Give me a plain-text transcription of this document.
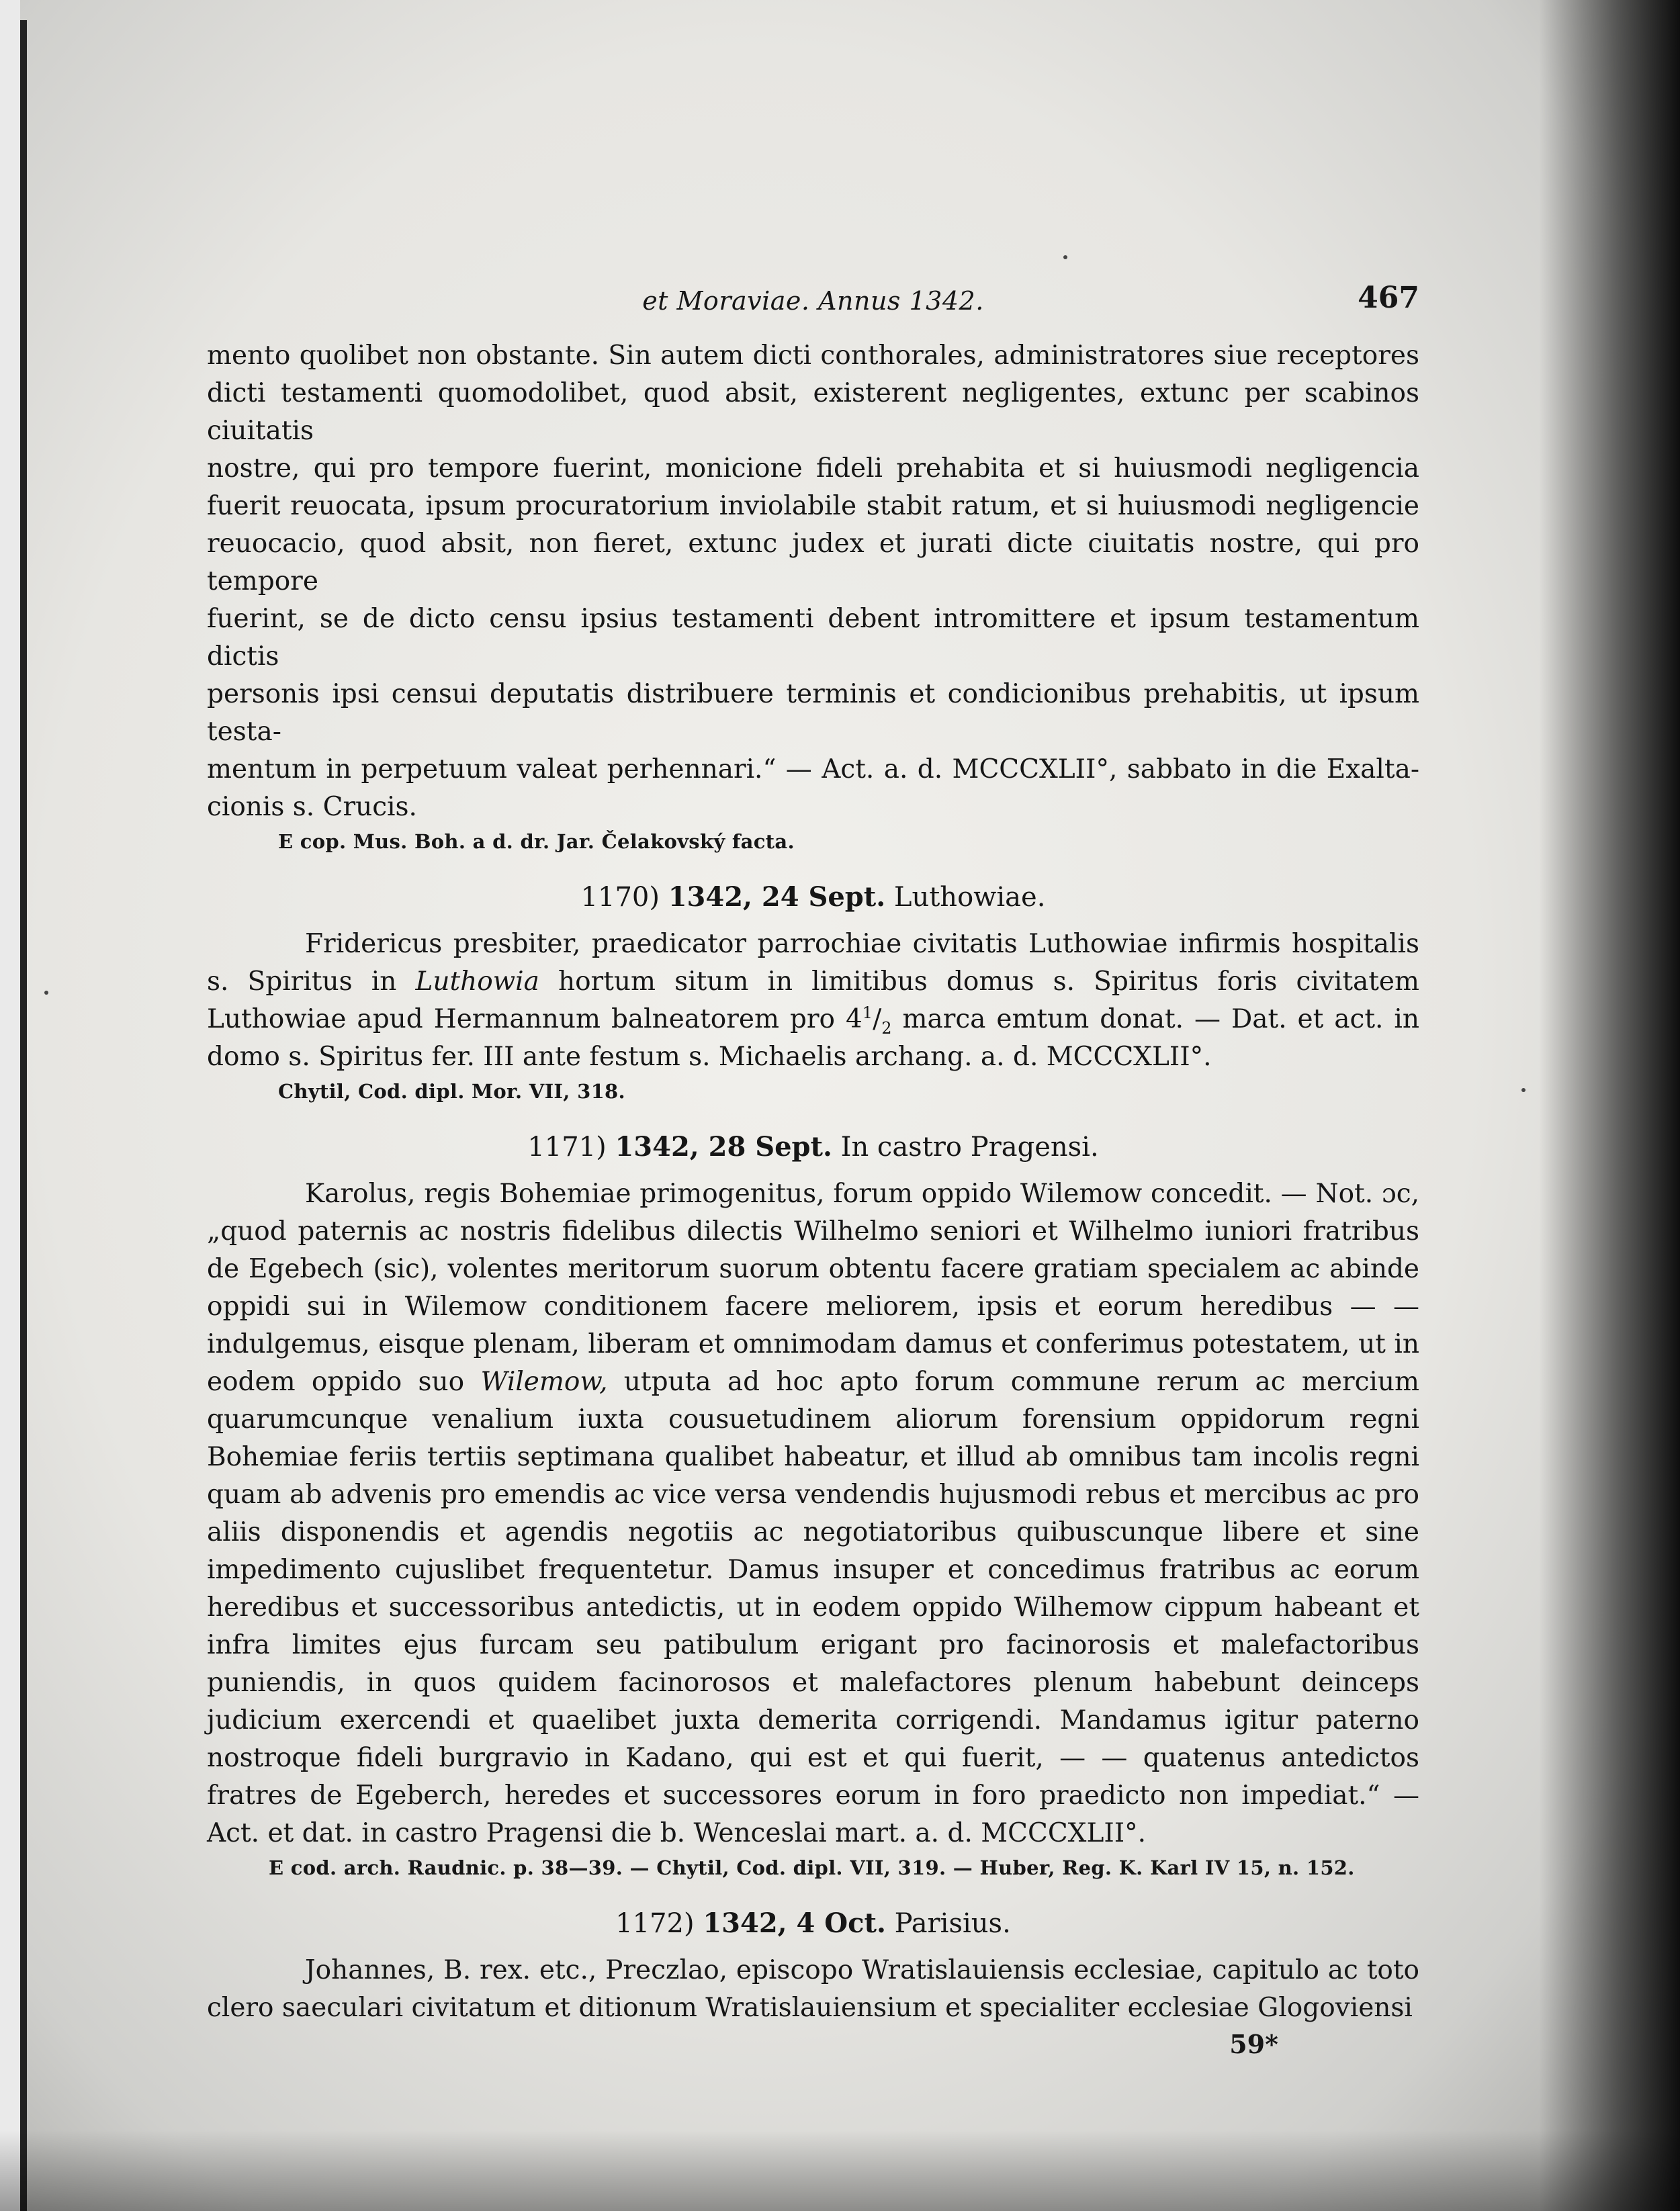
et Moraviae. Annus 1342.	467
mento quolibet non obstante. Sin autem dicti conthorales, administratores siue receptores
dicti testamenti quomodolibet, quod absit, existerent negligentes, extunc per scabinos ciuitatis
nostre, qui pro tempore fuerint, monicione fideli prehabita et si huiusmodi negligencia
fuerit reuocata, ipsum procuratorium inviolabile stabit ratum, et si huiusmodi negligencie
reuocacio, quod absit, non fieret, extunc judex et jurati dicte ciuitatis nostre, qui pro tempore
fuerint, se de dicto censu ipsius testamenti debent intromittere et ipsum testamentum dictis
personis ipsi censui deputatis distribuere terminis et condicionibus prehabitis, ut ipsum testa-
mentum in perpetuum valeat perhennari.“ — Act. a. d. MCCCXLII°, sabbato in die Exalta-
cionis s. Crucis.
E cop. Mus. Boh. a d. dr. Jar. Čelakovský facta.
1170) 1342, 24 Sept. Luthowiae.

Fridericus presbiter, praedicator parrochiae civitatis Luthowiae infirmis hospitalis s. Spiritus in Luthowia hortum situm in limitibus domus s. Spiritus foris civitatem Luthowiae apud Hermannum balneatorem pro $4^1/_2$ marca emtum donat. — Dat. et act. in domo s. Spiritus fer. III ante festum s. Michaelis archang. a. d. MCCCXLII°.

Chytil, Cod. dipl. Mor. VII, 318.
1171) 1342, 28 Sept. In castro Pragensi.

Karolus, regis Bohemiae primogenitus, forum oppido Wilemow concedit. — Not. ɔc, „quod paternis ac nostris fidelibus dilectis Wilhelmo seniori et Wilhelmo iuniori fratribus de Egebech (sic), volentes meritorum suorum obtentu facere gratiam specialem ac abinde oppidi sui in Wilemow conditionem facere meliorem, ipsis et eorum heredibus — — indulgemus, eisque plenam, liberam et omnimodam damus et conferimus potestatem, ut in eodem oppido suo Wilemow, utputa ad hoc apto forum commune rerum ac mercium quarumcunque venalium iuxta cousuetudinem aliorum forensium oppidorum regni Bohemiae feriis tertiis septimana qualibet habeatur, et illud ab omnibus tam incolis regni quam ab advenis pro emendis ac vice versa vendendis hujusmodi rebus et mercibus ac pro aliis disponendis et agendis negotiis ac negotiatoribus quibuscunque libere et sine impedimento cujuslibet frequentetur. Damus insuper et concedimus fratribus ac eorum heredibus et successoribus antedictis, ut in eodem oppido Wilhemow cippum habeant et infra limites ejus furcam seu patibulum erigant pro facinorosis et malefactoribus puniendis, in quos quidem facinorosos et malefactores plenum habebunt deinceps judicium exercendi et quaelibet juxta demerita corrigendi. Mandamus igitur paterno nostroque fideli burgravio in Kadano, qui est et qui fuerit, — — quatenus antedictos fratres de Egeberch, heredes et successores eorum in foro praedicto non impediat.“ — Act. et dat. in castro Pragensi die b. Wenceslai mart. a. d. MCCCXLII°.

E cod. arch. Raudnic. p. 38—39. — Chytil, Cod. dipl. VII, 319. — Huber, Reg. K. Karl IV 15, n. 152.
1172) 1342, 4 Oct. Parisius.

Johannes, B. rex. etc., Preczlao, episcopo Wratislauiensis ecclesiae, capitulo ac toto clero saeculari civitatum et ditionum Wratislauiensium et specialiter ecclesiae Glogoviensi

59*
